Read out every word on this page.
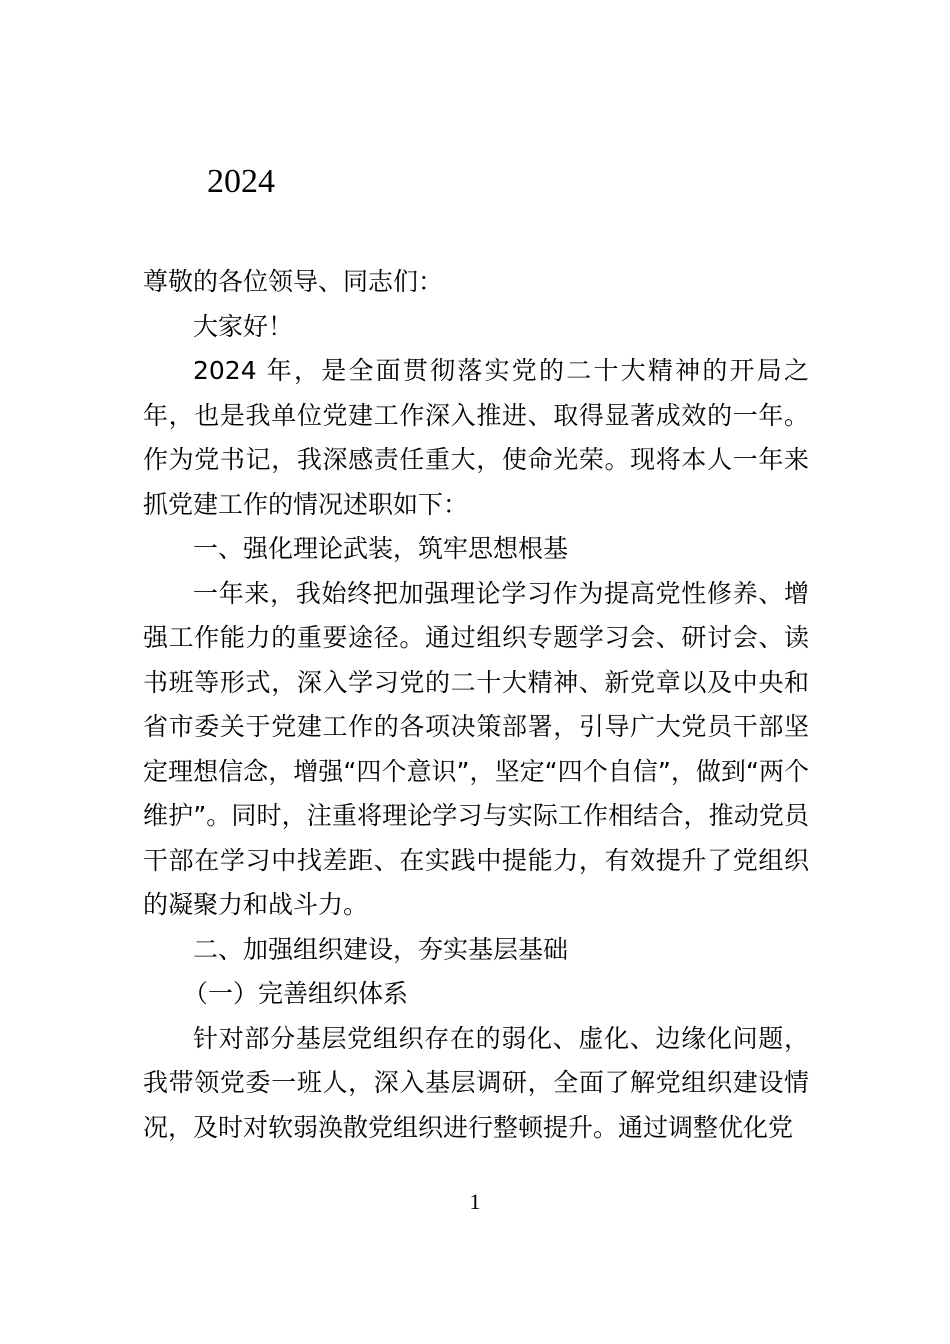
2024

尊敬的各位领导、同志们：

大家好！

2024 年，是全面贯彻落实党的二十大精神的开局之年，也是我单位党建工作深入推进、取得显著成效的一年。作为党书记，我深感责任重大，使命光荣。现将本人一年来抓党建工作的情况述职如下：

一、强化理论武装，筑牢思想根基

一年来，我始终把加强理论学习作为提高党性修养、增强工作能力的重要途径。通过组织专题学习会、研讨会、读书班等形式，深入学习党的二十大精神、新党章以及中央和省市委关于党建工作的各项决策部署，引导广大党员干部坚定理想信念，增强“四个意识”，坚定“四个自信”，做到“两个维护”。同时，注重将理论学习与实际工作相结合，推动党员干部在学习中找差距、在实践中提能力，有效提升了党组织的凝聚力和战斗力。

二、加强组织建设，夯实基层基础

（一）完善组织体系

针对部分基层党组织存在的弱化、虚化、边缘化问题，我带领党委一班人，深入基层调研，全面了解党组织建设情况，及时对软弱涣散党组织进行整顿提升。通过调整优化党

1
